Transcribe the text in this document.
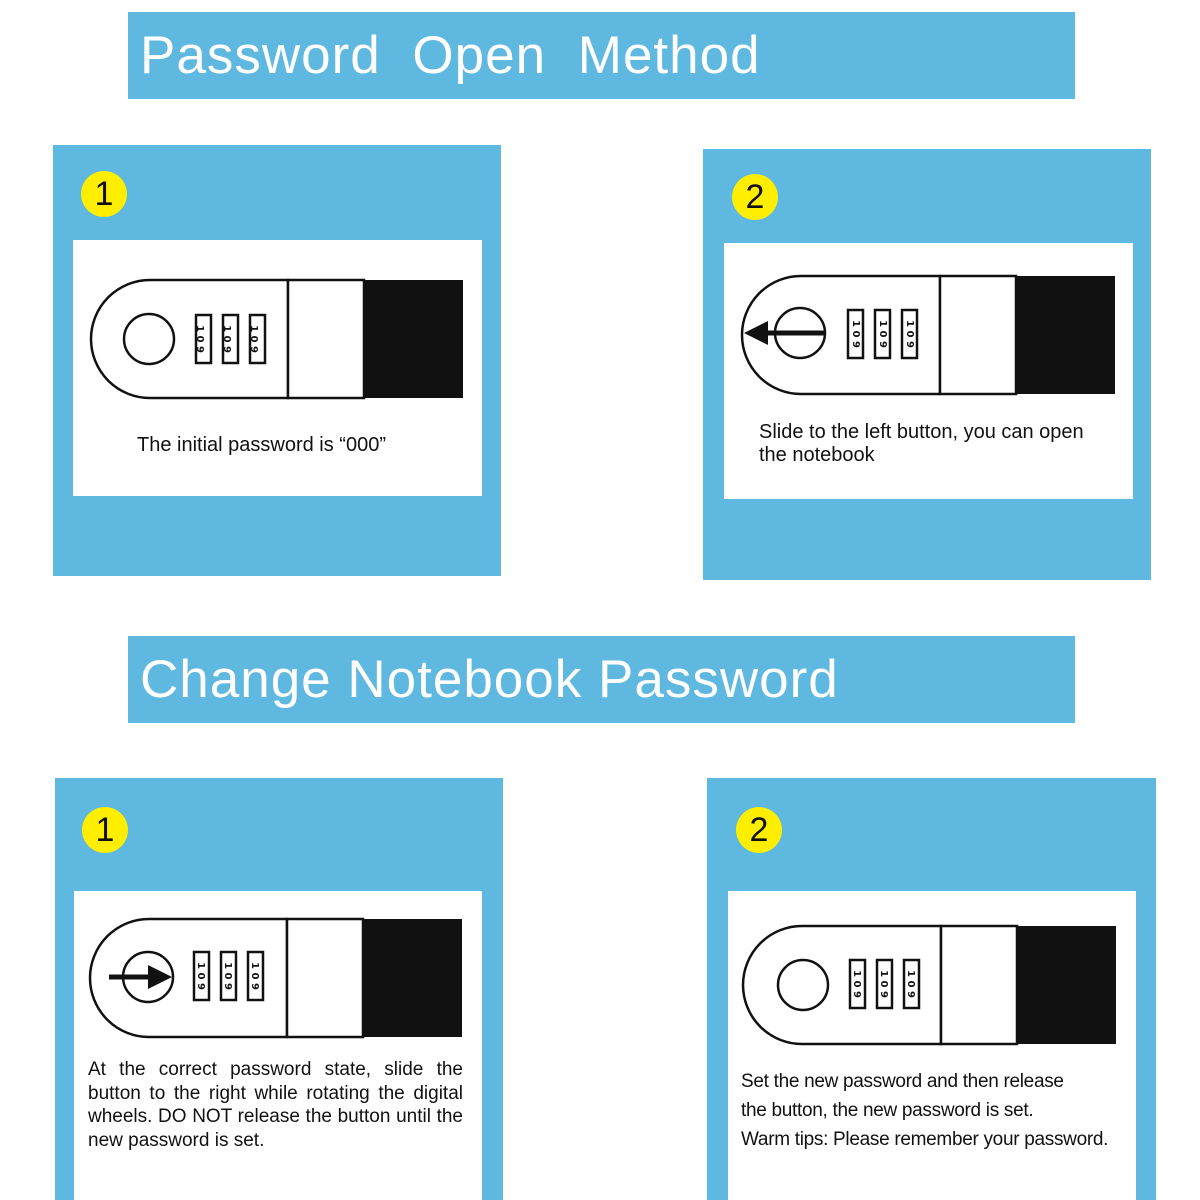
Password Open Method
1
1 0 9 1 0 9 1 0 9
The initial password is “000”
2
1 0 9 1 0 9 1 0 9
Slide to the left button, you can open the notebook
Change Notebook Password
1
1 0 9 1 0 9 1 0 9
At the correct password state, slide the button to the right while rotating the digital wheels. DO NOT release the button until the new password is set.
2
1 0 9 1 0 9 1 0 9
Set the new password and then release
the button, the new password is set.
Warm tips: Please remember your password.
